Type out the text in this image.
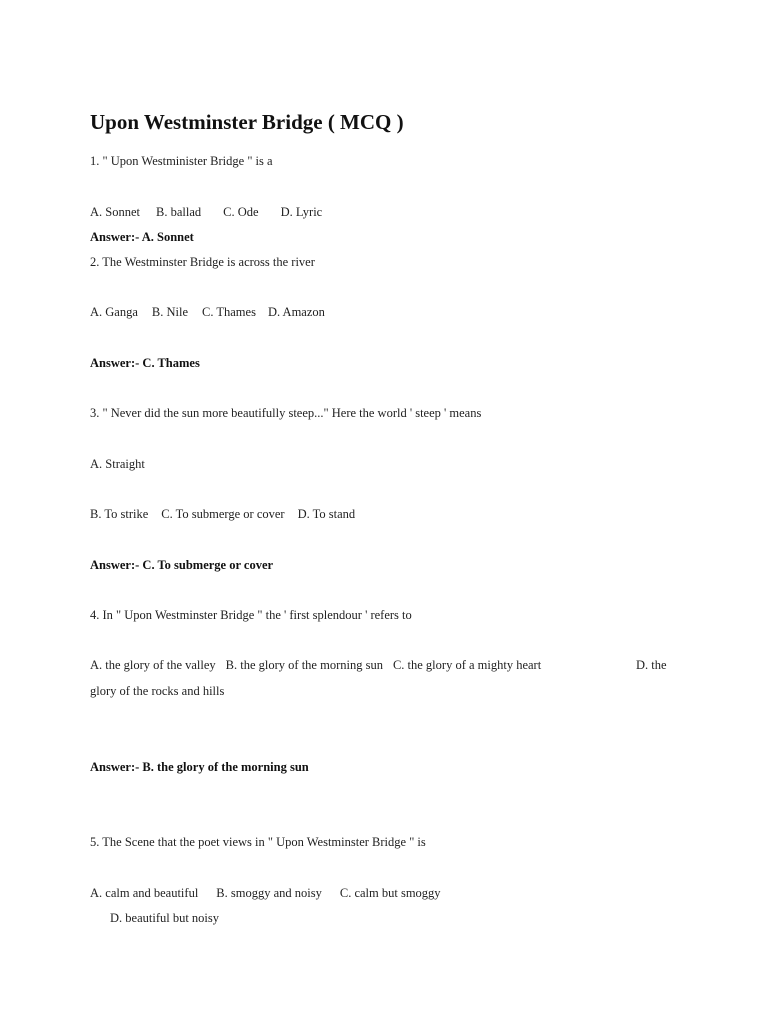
Upon Westminster Bridge ( MCQ )
1. " Upon Westminister Bridge " is a
A. Sonnet B. ballad C. Ode D. Lyric
Answer:- A. Sonnet
2. The Westminster Bridge is across the river
A. Ganga B. Nile C. Thames D. Amazon
Answer:- C. Thames
3. " Never did the sun more beautifully steep..." Here the world ' steep ' means
A. Straight
B. To strike C. To submerge or cover D. To stand
Answer:- C. To submerge or cover
4. In " Upon Westminster Bridge " the ' first splendour ' refers to
A. the glory of the valley B. the glory of the morning sun C. the glory of a mighty heart	D. the
glory of the rocks and hills
Answer:- B. the glory of the morning sun
5. The Scene that the poet views in " Upon Westminster Bridge " is
A. calm and beautiful B. smoggy and noisy C. calm but smoggy
D. beautiful but noisy
